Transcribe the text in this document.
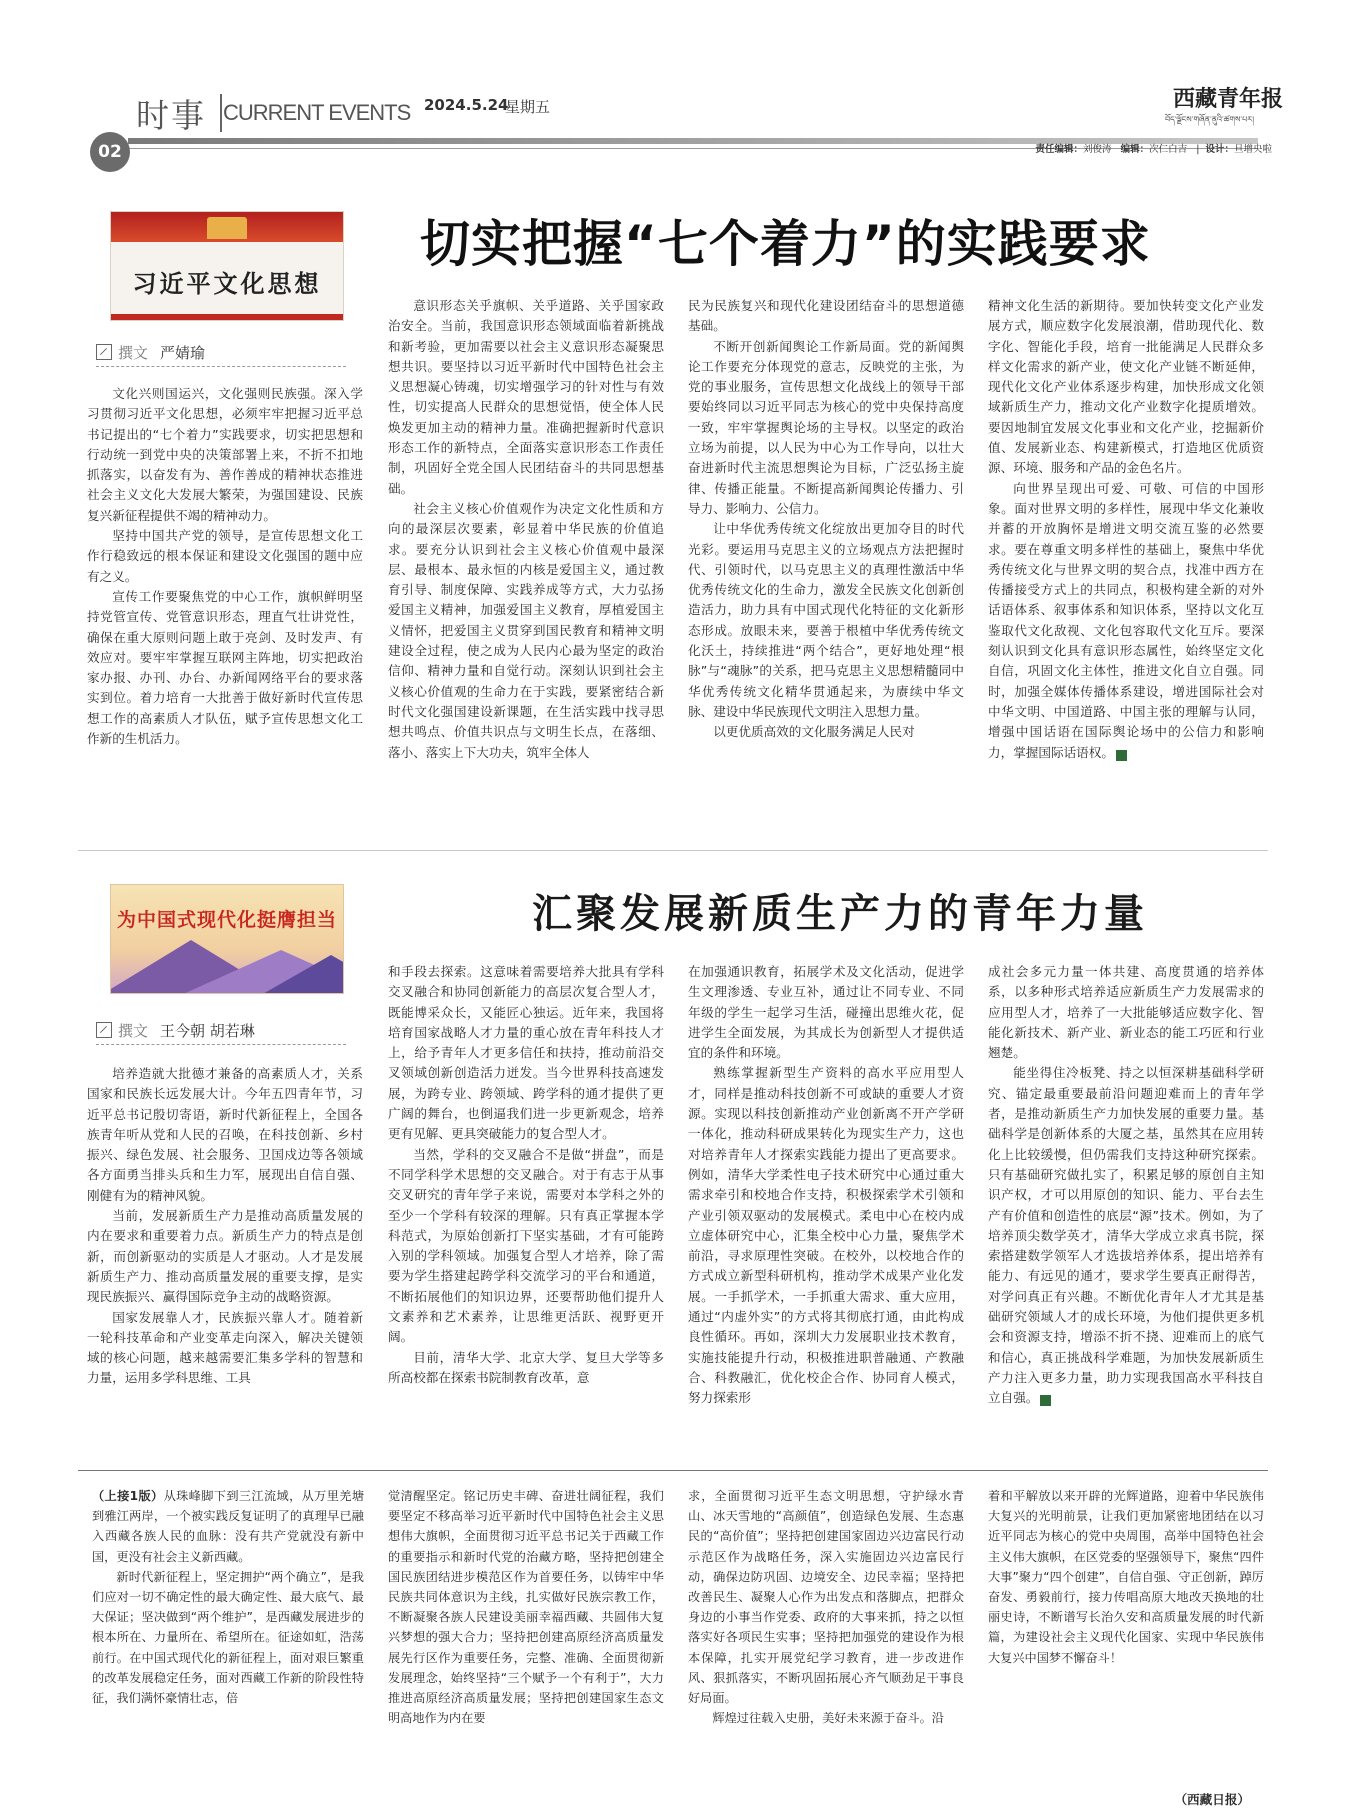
时事 CURRENT EVENTS 2024.5.24
星期五	西藏青年报
བོད་ལྗོངས་གཞོན་ནུའི་ཚགས་པར།
02	责任编辑：刘俊涛 编辑：次仁白吉   |  设计：旦增央啦
习近平文化思想
切实把握“七个着力”的实践要求
撰文 严婧瑜

文化兴则国运兴，文化强则民族强。深入学习贯彻习近平文化思想，必须牢牢把握习近平总书记提出的“七个着力”实践要求，切实把思想和行动统一到党中央的决策部署上来，不折不扣地抓落实，以奋发有为、善作善成的精神状态推进社会主义文化大发展大繁荣，为强国建设、民族复兴新征程提供不竭的精神动力。

坚持中国共产党的领导，是宣传思想文化工作行稳致远的根本保证和建设文化强国的题中应有之义。

宣传工作要聚焦党的中心工作，旗帜鲜明坚持党管宣传、党管意识形态，理直气壮讲党性，确保在重大原则问题上敢于亮剑、及时发声、有效应对。要牢牢掌握互联网主阵地，切实把政治家办报、办刊、办台、办新闻网络平台的要求落实到位。着力培育一大批善于做好新时代宣传思想工作的高素质人才队伍，赋予宣传思想文化工作新的生机活力。

意识形态关乎旗帜、关乎道路、关乎国家政治安全。当前，我国意识形态领域面临着新挑战和新考验，更加需要以社会主义意识形态凝聚思想共识。要坚持以习近平新时代中国特色社会主义思想凝心铸魂，切实增强学习的针对性与有效性，切实提高人民群众的思想觉悟，使全体人民焕发更加主动的精神力量。准确把握新时代意识形态工作的新特点，全面落实意识形态工作责任制，巩固好全党全国人民团结奋斗的共同思想基础。

社会主义核心价值观作为决定文化性质和方向的最深层次要素，彰显着中华民族的价值追求。要充分认识到社会主义核心价值观中最深层、最根本、最永恒的内核是爱国主义，通过教育引导、制度保障、实践养成等方式，大力弘扬爱国主义精神，加强爱国主义教育，厚植爱国主义情怀，把爱国主义贯穿到国民教育和精神文明建设全过程，使之成为人民内心最为坚定的政治信仰、精神力量和自觉行动。深刻认识到社会主义核心价值观的生命力在于实践，要紧密结合新时代文化强国建设新课题，在生活实践中找寻思想共鸣点、价值共识点与文明生长点，在落细、落小、落实上下大功夫，筑牢全体人

民为民族复兴和现代化建设团结奋斗的思想道德基础。

不断开创新闻舆论工作新局面。党的新闻舆论工作要充分体现党的意志，反映党的主张，为党的事业服务，宣传思想文化战线上的领导干部要始终同以习近平同志为核心的党中央保持高度一致，牢牢掌握舆论场的主导权。以坚定的政治立场为前提，以人民为中心为工作导向，以壮大奋进新时代主流思想舆论为目标，广泛弘扬主旋律、传播正能量。不断提高新闻舆论传播力、引导力、影响力、公信力。

让中华优秀传统文化绽放出更加夺目的时代光彩。要运用马克思主义的立场观点方法把握时代、引领时代，以马克思主义的真理性激活中华优秀传统文化的生命力，激发全民族文化创新创造活力，助力具有中国式现代化特征的文化新形态形成。放眼未来，要善于根植中华优秀传统文化沃土，持续推进“两个结合”，更好地处理“根脉”与“魂脉”的关系，把马克思主义思想精髓同中华优秀传统文化精华贯通起来，为赓续中华文脉、建设中华民族现代文明注入思想力量。

以更优质高效的文化服务满足人民对

精神文化生活的新期待。要加快转变文化产业发展方式，顺应数字化发展浪潮，借助现代化、数字化、智能化手段，培育一批能满足人民群众多样文化需求的新产业，使文化产业链不断延伸，现代化文化产业体系逐步构建，加快形成文化领域新质生产力，推动文化产业数字化提质增效。要因地制宜发展文化事业和文化产业，挖掘新价值、发展新业态、构建新模式，打造地区优质资源、环境、服务和产品的金色名片。

向世界呈现出可爱、可敬、可信的中国形象。面对世界文明的多样性，展现中华文化兼收并蓄的开放胸怀是增进文明交流互鉴的必然要求。要在尊重文明多样性的基础上，聚焦中华优秀传统文化与世界文明的契合点，找准中西方在传播接受方式上的共同点，积极构建全新的对外话语体系、叙事体系和知识体系，坚持以文化互鉴取代文化敌视、文化包容取代文化互斥。要深刻认识到文化具有意识形态属性，始终坚定文化自信，巩固文化主体性，推进文化自立自强。同时，加强全媒体传播体系建设，增进国际社会对中华文明、中国道路、中国主张的理解与认同，增强中国话语在国际舆论场中的公信力和影响力，掌握国际话语权。	◆

为中国式现代化挺膺担当	汇聚发展新质生产力的青年力量
撰文 王今朝 胡若琳

培养造就大批德才兼备的高素质人才，关系国家和民族长远发展大计。今年五四青年节，习近平总书记殷切寄语，新时代新征程上，全国各族青年听从党和人民的召唤，在科技创新、乡村振兴、绿色发展、社会服务、卫国戍边等各领域各方面勇当排头兵和生力军，展现出自信自强、刚健有为的精神风貌。

当前，发展新质生产力是推动高质量发展的内在要求和重要着力点。新质生产力的特点是创新，而创新驱动的实质是人才驱动。人才是发展新质生产力、推动高质量发展的重要支撑，是实现民族振兴、赢得国际竞争主动的战略资源。

国家发展靠人才，民族振兴靠人才。随着新一轮科技革命和产业变革走向深入，解决关键领域的核心问题，越来越需要汇集多学科的智慧和力量，运用多学科思维、工具

和手段去探索。这意味着需要培养大批具有学科交叉融合和协同创新能力的高层次复合型人才，既能博采众长，又能匠心独运。近年来，我国将培育国家战略人才力量的重心放在青年科技人才上，给予青年人才更多信任和扶持，推动前沿交叉领域创新创造活力迸发。当今世界科技高速发展，为跨专业、跨领域、跨学科的通才提供了更广阔的舞台，也倒逼我们进一步更新观念，培养更有见解、更具突破能力的复合型人才。

当然，学科的交叉融合不是做“拼盘”，而是不同学科学术思想的交叉融合。对于有志于从事交叉研究的青年学子来说，需要对本学科之外的至少一个学科有较深的理解。只有真正掌握本学科范式，为原始创新打下坚实基础，才有可能跨入别的学科领域。加强复合型人才培养，除了需要为学生搭建起跨学科交流学习的平台和通道，不断拓展他们的知识边界，还要帮助他们提升人文素养和艺术素养，让思维更活跃、视野更开阔。

目前，清华大学、北京大学、复旦大学等多所高校都在探索书院制教育改革，意

在加强通识教育，拓展学术及文化活动，促进学生文理渗透、专业互补，通过让不同专业、不同年级的学生一起学习生活，碰撞出思维火花，促进学生全面发展，为其成长为创新型人才提供适宜的条件和环境。

熟练掌握新型生产资料的高水平应用型人才，同样是推动科技创新不可或缺的重要人才资源。实现以科技创新推动产业创新离不开产学研一体化，推动科研成果转化为现实生产力，这也对培养青年人才探索实践能力提出了更高要求。例如，清华大学柔性电子技术研究中心通过重大需求牵引和校地合作支持，积极探索学术引领和产业引领双驱动的发展模式。柔电中心在校内成立虚体研究中心，汇集全校中心力量，聚焦学术前沿，寻求原理性突破。在校外，以校地合作的方式成立新型科研机构，推动学术成果产业化发展。一手抓学术，一手抓重大需求、重大应用，通过“内虚外实”的方式将其彻底打通，由此构成良性循环。再如，深圳大力发展职业技术教育，实施技能提升行动，积极推进职普融通、产教融合、科教融汇，优化校企合作、协同育人模式，努力探索形

成社会多元力量一体共建、高度贯通的培养体系，以多种形式培养适应新质生产力发展需求的应用型人才，培养了一大批能够适应数字化、智能化新技术、新产业、新业态的能工巧匠和行业翘楚。

能坐得住冷板凳、持之以恒深耕基础科学研究、锚定最重要最前沿问题迎难而上的青年学者，是推动新质生产力加快发展的重要力量。基础科学是创新体系的大厦之基，虽然其在应用转化上比较缓慢，但仍需我们支持这种研究探索。只有基础研究做扎实了，积累足够的原创自主知识产权，才可以用原创的知识、能力、平台去生产有价值和创造性的底层“源”技术。例如，为了培养顶尖数学英才，清华大学成立求真书院，探索搭建数学领军人才选拔培养体系，提出培养有能力、有远见的通才，要求学生要真正耐得苦，对学问真正有兴趣。不断优化青年人才尤其是基础研究领域人才的成长环境，为他们提供更多机会和资源支持，增添不折不挠、迎难而上的底气和信心，真正挑战科学难题，为加快发展新质生产力注入更多力量，助力实现我国高水平科技自立自强。	◆

（上接1版）从珠峰脚下到三江流域，从万里羌塘到雅江两岸，一个被实践反复证明了的真理早已融入西藏各族人民的血脉：没有共产党就没有新中国，更没有社会主义新西藏。

新时代新征程上，坚定拥护“两个确立”，是我们应对一切不确定性的最大确定性、最大底气、最大保证；坚决做到“两个维护”，是西藏发展进步的根本所在、力量所在、希望所在。征途如虹，浩荡前行。在中国式现代化的新征程上，面对艰巨繁重的改革发展稳定任务，面对西藏工作新的阶段性特征，我们满怀豪情壮志，倍

觉清醒坚定。铭记历史丰碑、奋进壮阔征程，我们要坚定不移高举习近平新时代中国特色社会主义思想伟大旗帜，全面贯彻习近平总书记关于西藏工作的重要指示和新时代党的治藏方略，坚持把创建全国民族团结进步模范区作为首要任务，以铸牢中华民族共同体意识为主线，扎实做好民族宗教工作，不断凝聚各族人民建设美丽幸福西藏、共圆伟大复兴梦想的强大合力；坚持把创建高原经济高质量发展先行区作为重要任务，完整、准确、全面贯彻新发展理念，始终坚持“三个赋予一个有利于”，大力推进高原经济高质量发展；坚持把创建国家生态文明高地作为内在要

求，全面贯彻习近平生态文明思想，守护绿水青山、冰天雪地的“高颜值”，创造绿色发展、生态惠民的“高价值”；坚持把创建国家固边兴边富民行动示范区作为战略任务，深入实施固边兴边富民行动，确保边防巩固、边境安全、边民幸福；坚持把改善民生、凝聚人心作为出发点和落脚点，把群众身边的小事当作党委、政府的大事来抓，持之以恒落实好各项民生实事；坚持把加强党的建设作为根本保障，扎实开展党纪学习教育，进一步改进作风、狠抓落实，不断巩固拓展心齐气顺劲足干事良好局面。

辉煌过往载入史册，美好未来源于奋斗。沿

着和平解放以来开辟的光辉道路，迎着中华民族伟大复兴的光明前景，让我们更加紧密地团结在以习近平同志为核心的党中央周围，高举中国特色社会主义伟大旗帜，在区党委的坚强领导下，聚焦“四件大事”聚力“四个创建”，自信自强、守正创新，踔厉奋发、勇毅前行，接力传唱高原大地改天换地的壮丽史诗，不断谱写长治久安和高质量发展的时代新篇，为建设社会主义现代化国家、实现中华民族伟大复兴中国梦不懈奋斗！

（西藏日报）
